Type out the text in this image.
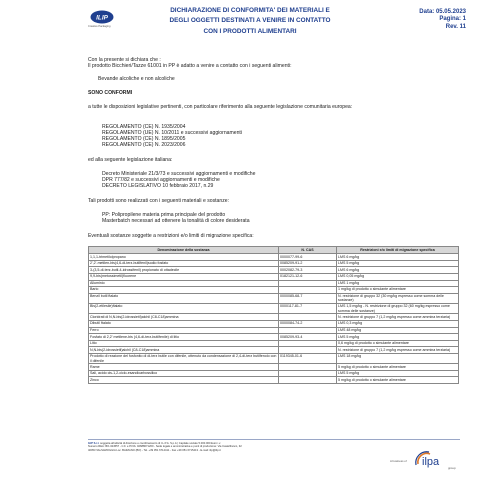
ILIP
Creative Packaging
DICHIARAZIONE DI CONFORMITA' DEI MATERIALI E
DEGLI OGGETTI DESTINATI A VENIRE IN CONTATTO
CON I PRODOTTI ALIMENTARI
Data: 05.05.2023
Pagina: 1
Rev. 11
Con la presente si dichiara che :
Il prodotto Bicchieri/Tazze 61001 in PP è adatto a venire a contatto con i seguenti alimenti:
Bevande alcoliche e non alcoliche
SONO CONFORMI
a tutte le disposizioni legislative pertinenti, con particolare riferimento alla seguente legislazione comunitaria europea:
REGOLAMENTO (CE) N. 1935/2004
REGOLAMENTO (UE) N. 10/2011 e successivi aggiornamenti
REGOLAMENTO (CE) N. 1895/2005
REGOLAMENTO (CE) N. 2023/2006
ed alla seguente legislazione italiana:
Decreto Ministeriale 21/3/73 e successivi aggiornamenti e modifiche
DPR 777/82 e successivi aggiornamenti e modifiche
DECRETO LEGISLATIVO 10 febbraio 2017, n.29
Tali prodotti sono realizzati con i seguenti materiali e sostanze:
PP: Polipropilene materia prima principale del prodotto
Masterbatch necessari ad ottenere la tonalità di colore desiderata
Eventuali sostanze soggette a restrizioni e/o limiti di migrazione specifica:
Denominazione della sostanza	N. CAS	Restrizioni e/o limiti di migrazione specifica
1,1,1-trimetilolpropano	0000077-99-6	LMS 6 mg/kg
2',2'-metilen-bis(4,6-di-terz-butilfenil)sodio fosfato	0085209-91-2	LMS 5 mg/kg
3-(3,5-di-terz-butil-4-idrossifenil) propionato di ottadecile	0002082-79-3	LMS 6 mg/kg
9,9-bis(metossimetil)fluorene	0182121-12-6	LMS 0,05 mg/kg
Alluminio		LMS 1 mg/kg
Bario		1 mg/kg di prodotto o simulante alimentare
Benzil butil ftalato	0000085-68-7	N. restrizione di gruppo 32 (30 mg/kg espresso come somma delle sostanze)
Bis(2-etilesile)ftalato	0000117-81-7	LMS 1,5 mg/kg - N. restrizione di gruppo 32 (60 mg/kg espresso come somma delle sostanze)
Cloridrati di N,N-bis(2-idrossietil)alchil (C8-C18)ammina		N. restrizione di gruppo 7 (1,2 mg/kg espresso come ammina terziaria)
Dibutil ftalato	0000084-74-2	LMS 0,3 mg/kg
Ferro		LMS 48 mg/kg
Fosfato di 2,2' metilene-bis (4,6-di-terz-butilfenile) di litio	0085209-93-4	LMS 5 mg/kg
Litio		0,6 mg/kg di prodotto o simulante alimentare
N,N-bis(2-idrossietil)alchil (C8-C18)ammina		N. restrizione di gruppo 7 (1,2 mg/kg espresso come ammina terziaria)
Prodotto di reazione del fosfonito di di-terz butile con difenile, ottenuto da condensazione di 2,4-di-terz butilfenolo con il difenile	0119345-01-6	LMS 18 mg/kg
Rame		5 mg/kg di prodotto o simulante alimentare
Sali, acido cis-1,2-ciclo-esandicarbossilico		LMS 5 mg/kg
Zinco		5 mg/kg di prodotto o simulante alimentare
ILIP S.r.l. soggetta all'attività di direzione e coordinamento di I.L.P.A. S.p.A | Capitale sociale 5.000.000 Euro i.v.
Numero REA: BO-324557 - C.F. e P.IVA: 02688071200 - Sede legale e amministrativa e punti di produzione: Via Castelfranco, 32
40053 VALSAMOGGIA Loc. BAZZANO (BO) - Tel. +39 051 6714411 - Fax +39 051 6715413 - E-mail: ilip@ilip.it
A business of ilpa	group
